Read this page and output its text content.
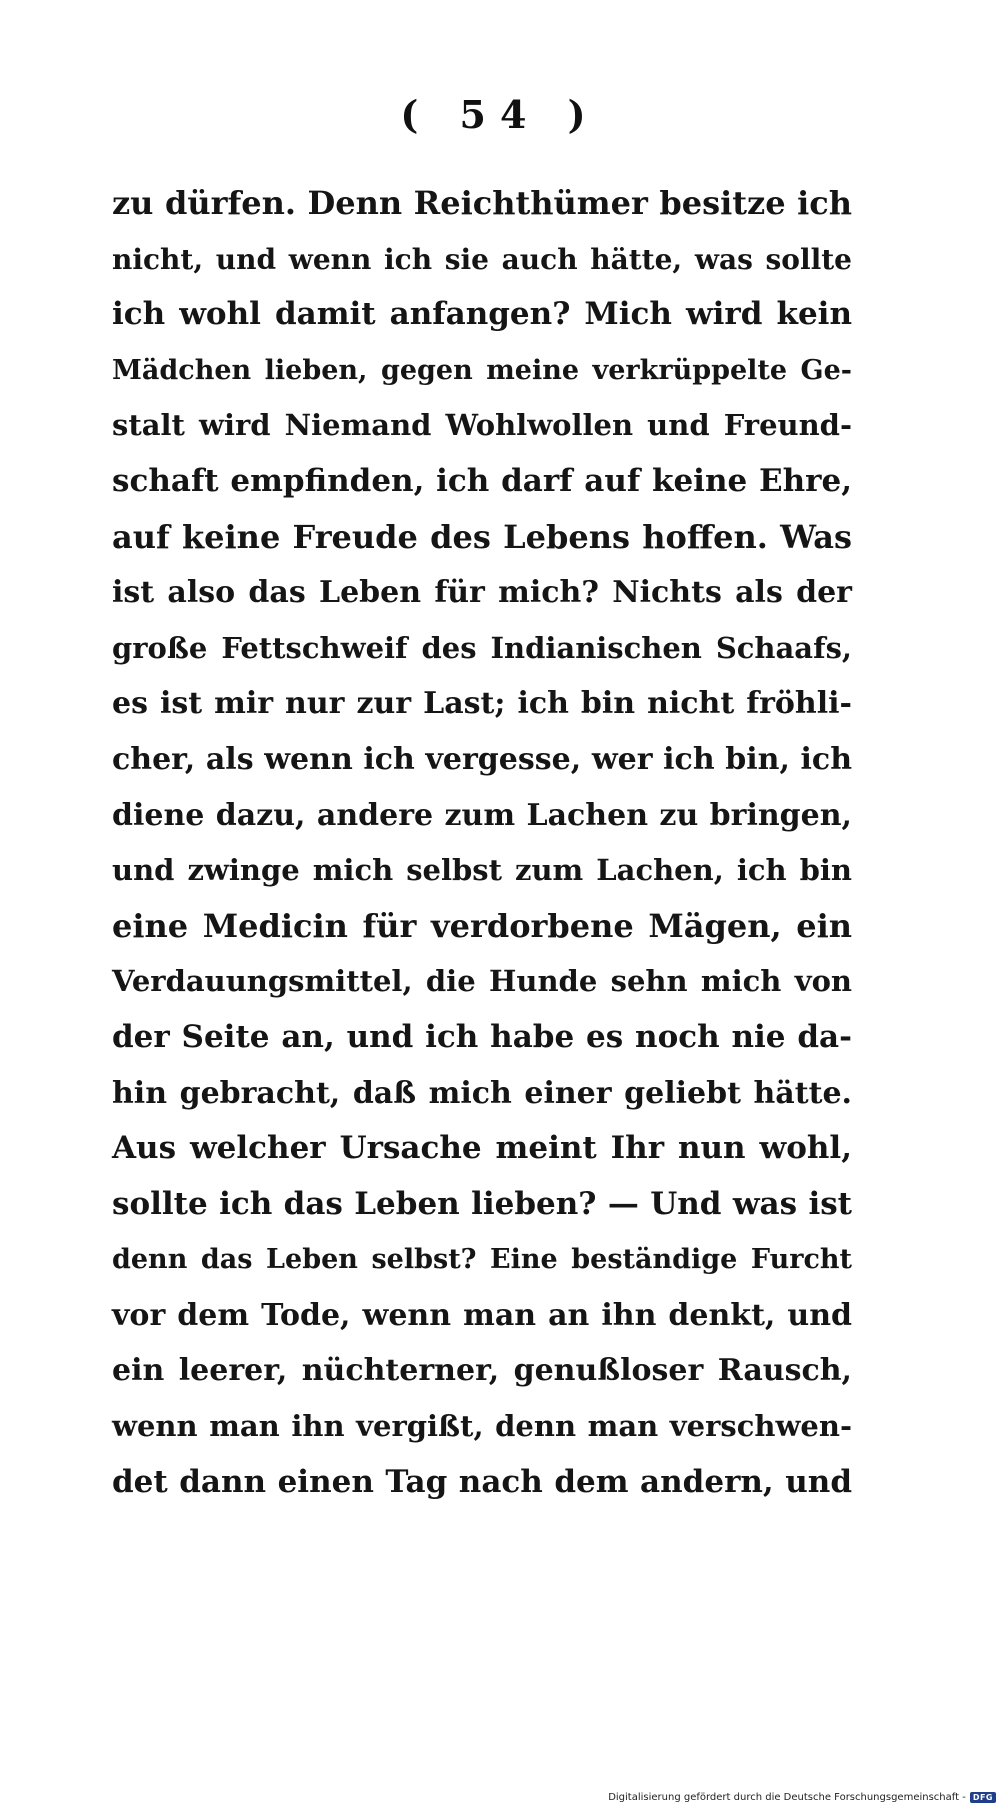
( 54 )
zu dürfen. Denn Reichthümer besitze ich
nicht, und wenn ich sie auch hätte, was sollte
ich wohl damit anfangen? Mich wird kein
Mädchen lieben, gegen meine verkrüppelte Ge-
stalt wird Niemand Wohlwollen und Freund-
schaft empfinden, ich darf auf keine Ehre,
auf keine Freude des Lebens hoffen. Was
ist also das Leben für mich? Nichts als der
große Fettschweif des Indianischen Schaafs,
es ist mir nur zur Last; ich bin nicht fröhli-
cher, als wenn ich vergesse, wer ich bin, ich
diene dazu, andere zum Lachen zu bringen,
und zwinge mich selbst zum Lachen, ich bin
eine Medicin für verdorbene Mägen, ein
Verdauungsmittel, die Hunde sehn mich von
der Seite an, und ich habe es noch nie da-
hin gebracht, daß mich einer geliebt hätte.
Aus welcher Ursache meint Ihr nun wohl,
sollte ich das Leben lieben? — Und was ist
denn das Leben selbst? Eine beständige Furcht
vor dem Tode, wenn man an ihn denkt, und
ein leerer, nüchterner, genußloser Rausch,
wenn man ihn vergißt, denn man verschwen-
det dann einen Tag nach dem andern, und
Digitalisierung gefördert durch die Deutsche Forschungsgemeinschaft - DFG
